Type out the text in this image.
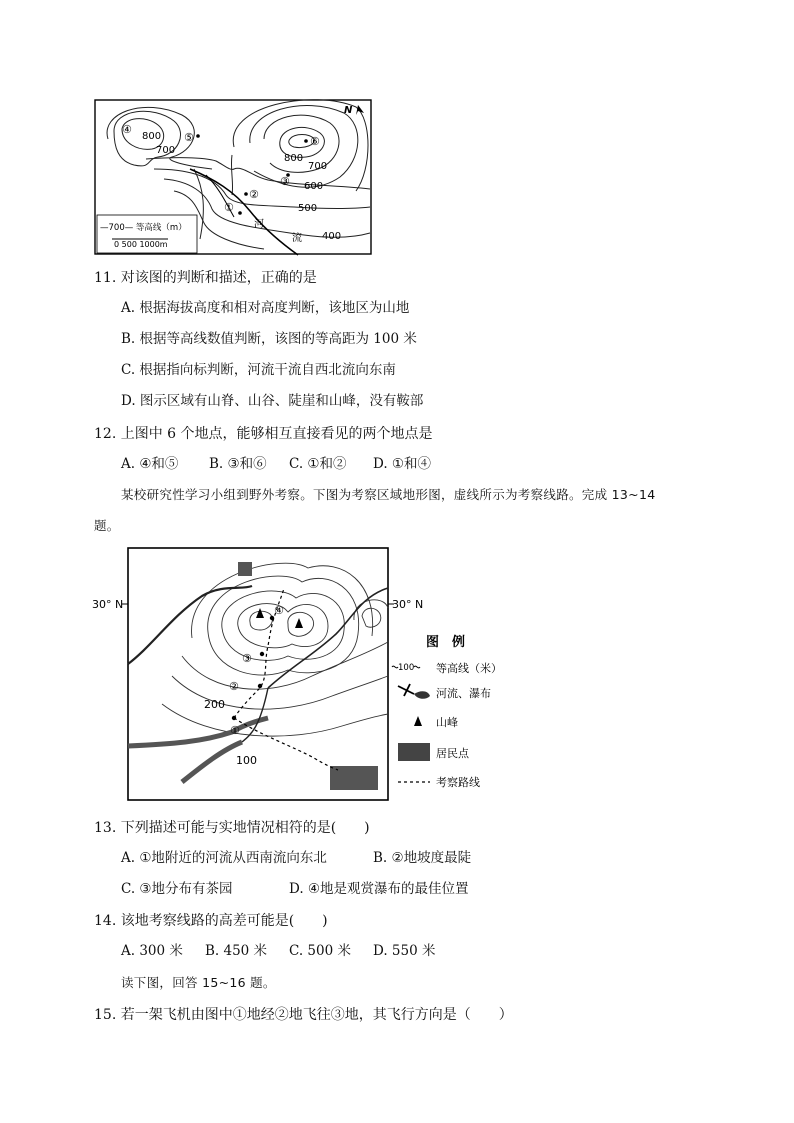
N
800
700
800
700
600
500
400
河
流
④
⑤	⑥
③
②
①
—700— 等高线（m）
0 500 1000m
11. 对该图的判断和描述，正确的是
A. 根据海拔高度和相对高度判断，该地区为山地
B. 根据等高线数值判断，该图的等高距为 100 米
C. 根据指向标判断，河流干流自西北流向东南
D. 图示区域有山脊、山谷、陡崖和山峰，没有鞍部
12. 上图中 6 个地点，能够相互直接看见的两个地点是
A. ④和⑤ B. ③和⑥ C. ①和② D. ①和④
某校研究性学习小组到野外考察。下图为考察区域地形图，虚线所示为考察线路。完成 13~14
题。
①
②
③
④
200
100
30° N	30° N
图　例
100 等高线（米）
河流、瀑布
山峰
居民点
考察路线
13. 下列描述可能与实地情况相符的是(　　)
A. ①地附近的河流从西南流向东北	B. ②地坡度最陡
C. ③地分布有茶园	D. ④地是观赏瀑布的最佳位置
14. 该地考察线路的高差可能是(　　)
A. 300 米 B. 450 米 C. 500 米 D. 550 米
读下图，回答 15~16 题。
15. 若一架飞机由图中①地经②地飞往③地，其飞行方向是（　　）
